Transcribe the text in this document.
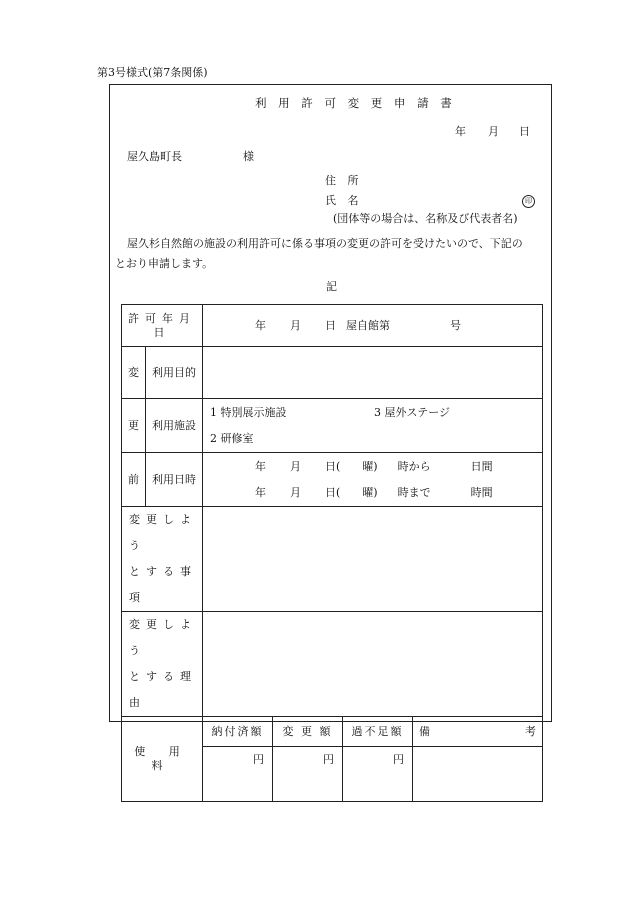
第3号様式(第7条関係)
利 用 許 可 変 更 申 請 書
年 月 日
屋久島町長	様
住 所
氏 名	印
(団体等の場合は、名称及び代表者名)
屋久杉自然館の施設の利用許可に係る事項の変更の許可を受けたいので、下記の
とおり申請します。
記
許可年月日		年 月 日 屋自館第 号			
変	利用目的				
更	利用施設	1 特別展示施設 3 屋外ステージ
2 研修室			

前	利用日時	年 月 日( 曜) 時から 日間
年 月 日( 曜) 時まで 時間			

変更しよう
とする事項					

変更しよう
とする理由					

使 用 料		納付済額	変 更 額	過不足額	備 考

		円	円	円	
